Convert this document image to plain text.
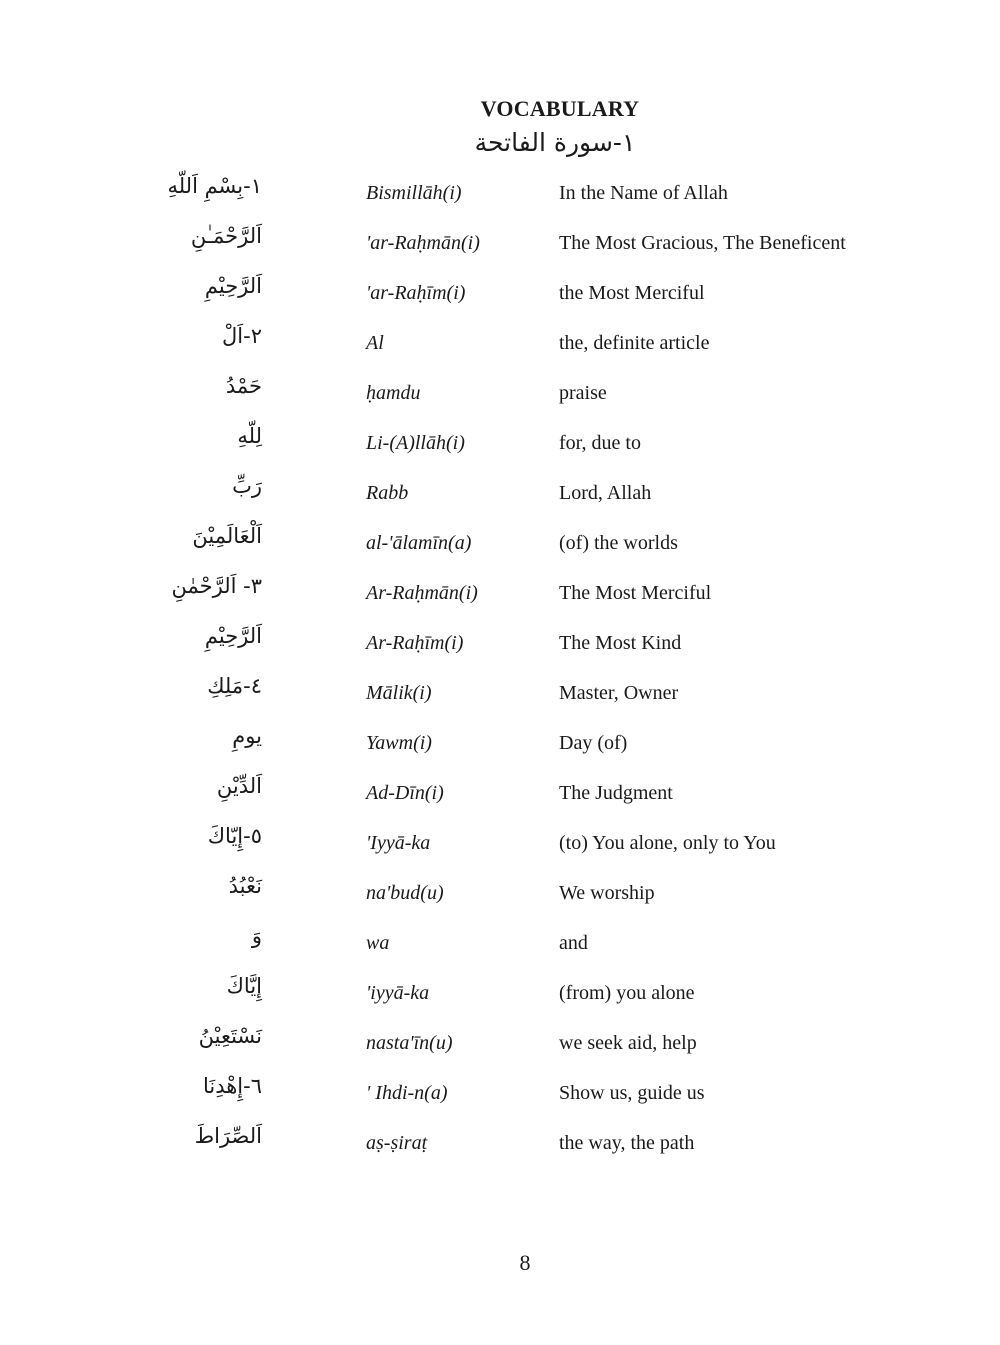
VOCABULARY
١-سورة الفاتحة
١-بِسْمِ اَللّهِ	Bismillāh(i)	In the Name of Allah
اَلرَّحْمَـٰنِ	'ar-Raḥmān(i)	The Most Gracious, The Beneficent
اَلرَّحِيْمِ	'ar-Raḥīm(i)	the Most Merciful
٢-اَلْ	Al	the, definite article
حَمْدُ	ḥamdu	praise
لِلّهِ	Li-(A)llāh(i)	for, due to
رَبِّ	Rabb	Lord, Allah
اَلْعَالَمِيْنَ	al-'ālamīn(a)	(of) the worlds
٣- اَلرَّحْمٰنِ	Ar-Raḥmān(i)	The Most Merciful
اَلرَّحِيْمِ	Ar-Raḥīm(i)	The Most Kind
٤-مَلِكِ	Mālik(i)	Master, Owner
يومِ	Yawm(i)	Day (of)
اَلدِّيْنِ	Ad-Dīn(i)	The Judgment
٥-إِيّاكَ	'Iyyā-ka	(to) You alone, only to You
نَعْبُدُ	na'bud(u)	We worship
وَ	wa	and
إِيَّاكَ	'iyyā-ka	(from) you alone
نَسْتَعِيْنُ	nasta'īn(u)	we seek aid, help
٦-إِهْدِنَا	' Ihdi-n(a)	Show us, guide us
اَلصِّرَاطَ	aṣ-ṣiraṭ	the way, the path
8
